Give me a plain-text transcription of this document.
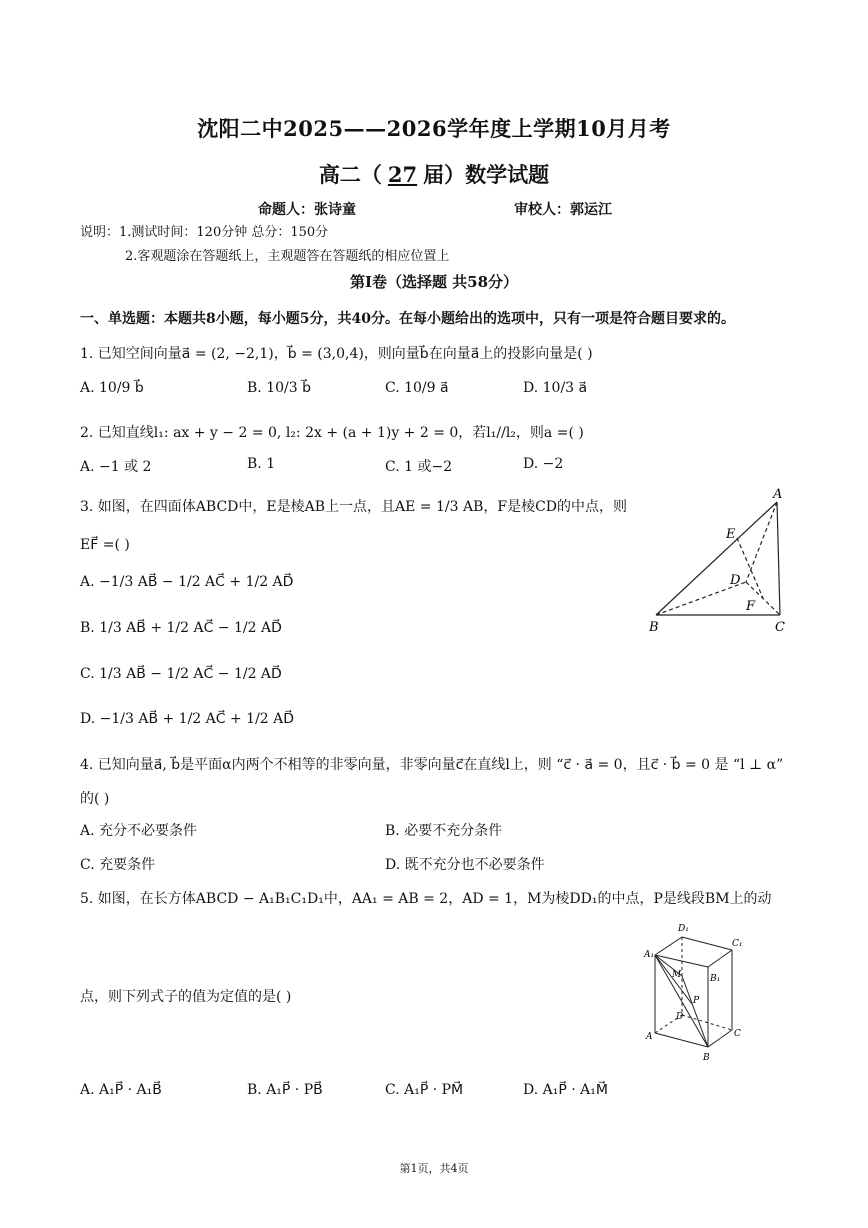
沈阳二中2025——2026学年度上学期10月月考
高二（ 27 届）数学试题
命题人：张诗童	审校人：郭运江
说明：1.测试时间：120分钟 总分：150分
2.客观题涂在答题纸上，主观题答在答题纸的相应位置上
第Ⅰ卷（选择题 共58分）
一、单选题：本题共8小题，每小题5分，共40分。在每小题给出的选项中，只有一项是符合题目要求的。
1. 已知空间向量a⃗ = (2, −2,1)，b⃗ = (3,0,4)，则向量b⃗在向量a⃗上的投影向量是( )
A. 10/9 b⃗	B. 10/3 b⃗	C. 10/9 a⃗	D. 10/3 a⃗
2. 已知直线l₁: ax + y − 2 = 0, l₂: 2x + (a + 1)y + 2 = 0，若l₁//l₂，则a =( )
A. −1 或 2	B. 1	C. 1 或−2	D. −2
3. 如图，在四面体ABCD中，E是棱AB上一点，且AE = 1/3 AB，F是棱CD的中点，则
EF⃗ =( )
A. −1/3 AB⃗ − 1/2 AC⃗ + 1/2 AD⃗
B. 1/3 AB⃗ + 1/2 AC⃗ − 1/2 AD⃗
C. 1/3 AB⃗ − 1/2 AC⃗ − 1/2 AD⃗
D. −1/3 AB⃗ + 1/2 AC⃗ + 1/2 AD⃗
A
E
D
F
B	C
4. 已知向量a⃗, b⃗是平面α内两个不相等的非零向量，非零向量c⃗在直线l上，则 “c⃗ · a⃗ = 0，且c⃗ · b⃗ = 0 是 “l ⊥ α”
的( )
A. 充分不必要条件	B. 必要不充分条件
C. 充要条件	D. 既不充分也不必要条件
5. 如图，在长方体ABCD − A₁B₁C₁D₁中，AA₁ = AB = 2，AD = 1，M为棱DD₁的中点，P是线段BM上的动
点，则下列式子的值为定值的是( )
D₁
C₁
A₁
B₁
M
P
D
A
B
C
A. A₁P⃗ · A₁B⃗	B. A₁P⃗ · PB⃗	C. A₁P⃗ · PM⃗	D. A₁P⃗ · A₁M⃗
第1页，共4页
